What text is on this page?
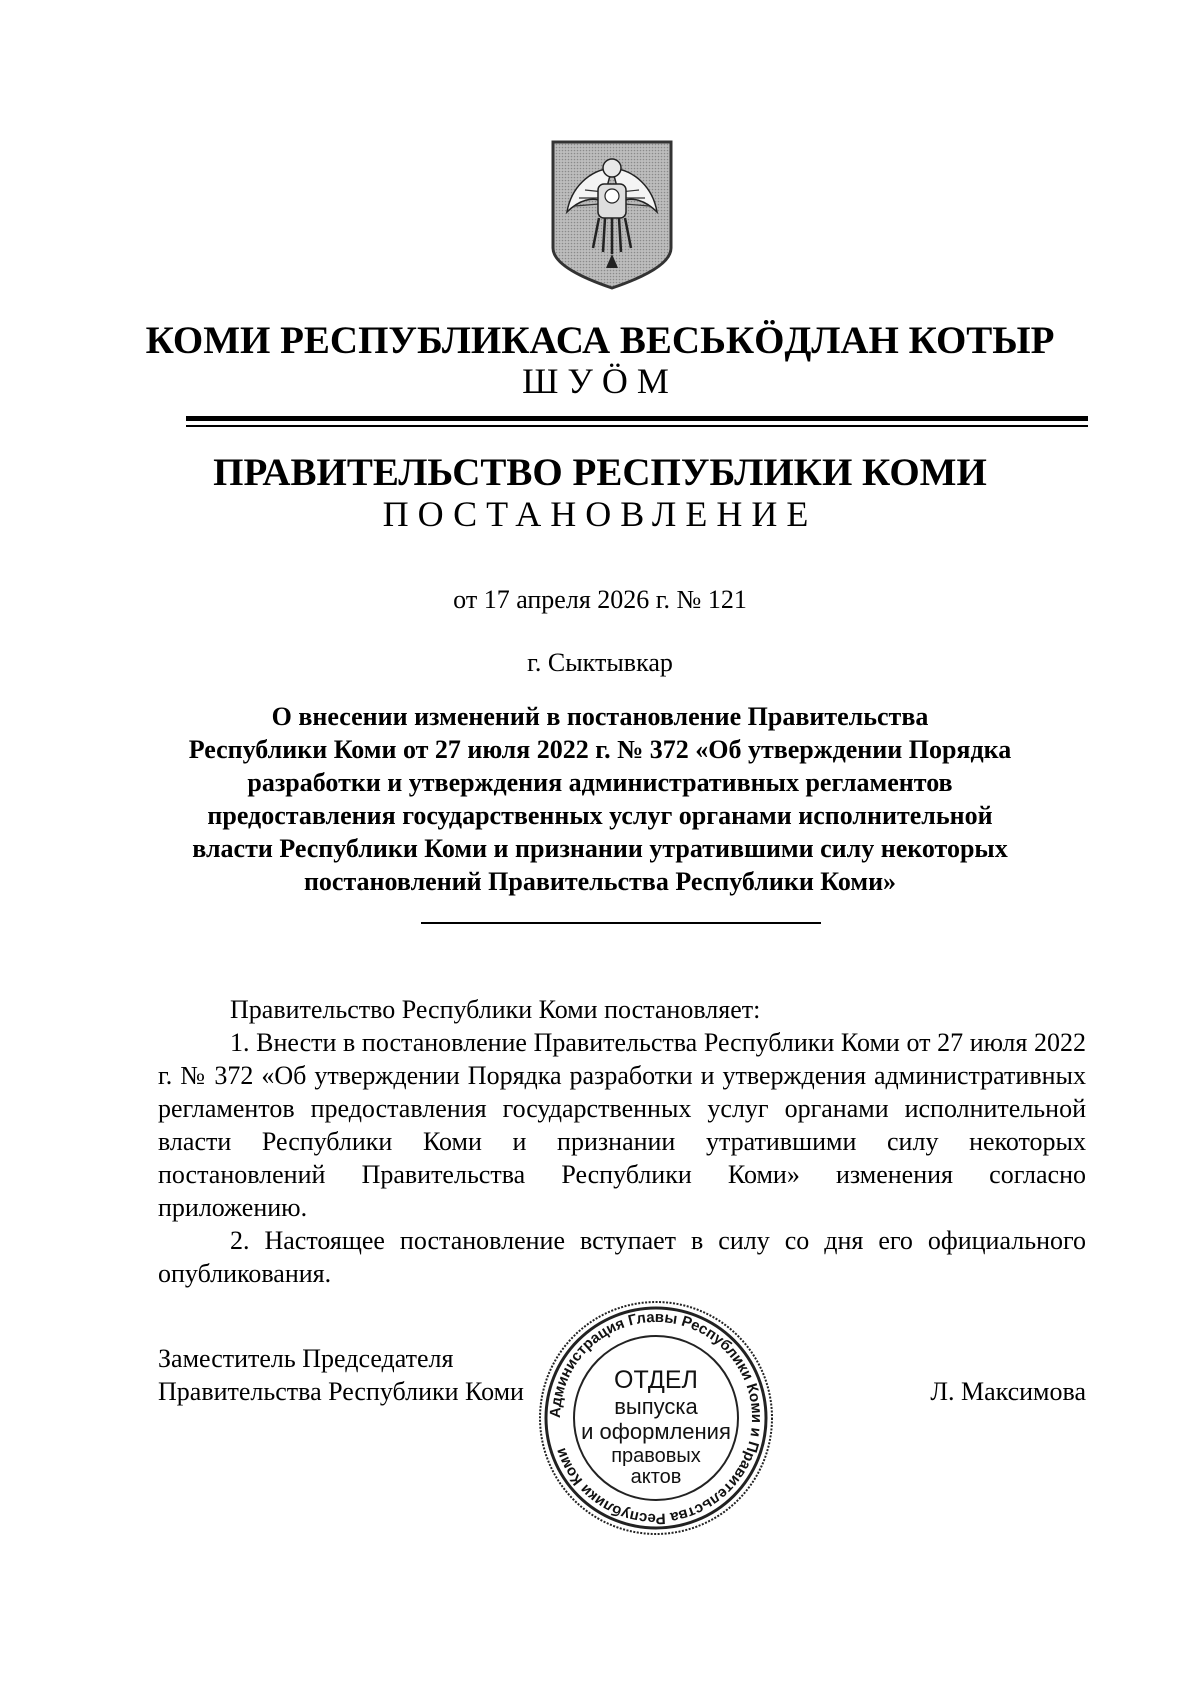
КОМИ РЕСПУБЛИКАСА ВЕСЬКӦДЛАН КОТЫР
ШУӦМ
ПРАВИТЕЛЬСТВО РЕСПУБЛИКИ КОМИ
ПОСТАНОВЛЕНИЕ
от 17 апреля 2026 г. № 121
г. Сыктывкар
О внесении изменений в постановление Правительства
Республики Коми от 27 июля 2022 г. № 372 «Об утверждении Порядка
разработки и утверждения административных регламентов
предоставления государственных услуг органами исполнительной
власти Республики Коми и признании утратившими силу некоторых
постановлений Правительства Республики Коми»

Правительство Республики Коми постановляет:

1. Внести в постановление Правительства Республики Коми от 27 июля 2022 г. № 372 «Об утверждении Порядка разработки и утверждения административных регламентов предоставления государственных услуг органами исполнительной власти Республики Коми и признании утратившими силу некоторых постановлений Правительства Республики Коми» изменения согласно приложению.

2. Настоящее постановление вступает в силу со дня его официального опубликования.

Заместитель Председателя
Правительства Республики Коми	Л. Максимова
Администрация Главы Республики Коми и Правительства Республики Коми
ОТДЕЛ
выпуска
и оформления
правовых
актов
